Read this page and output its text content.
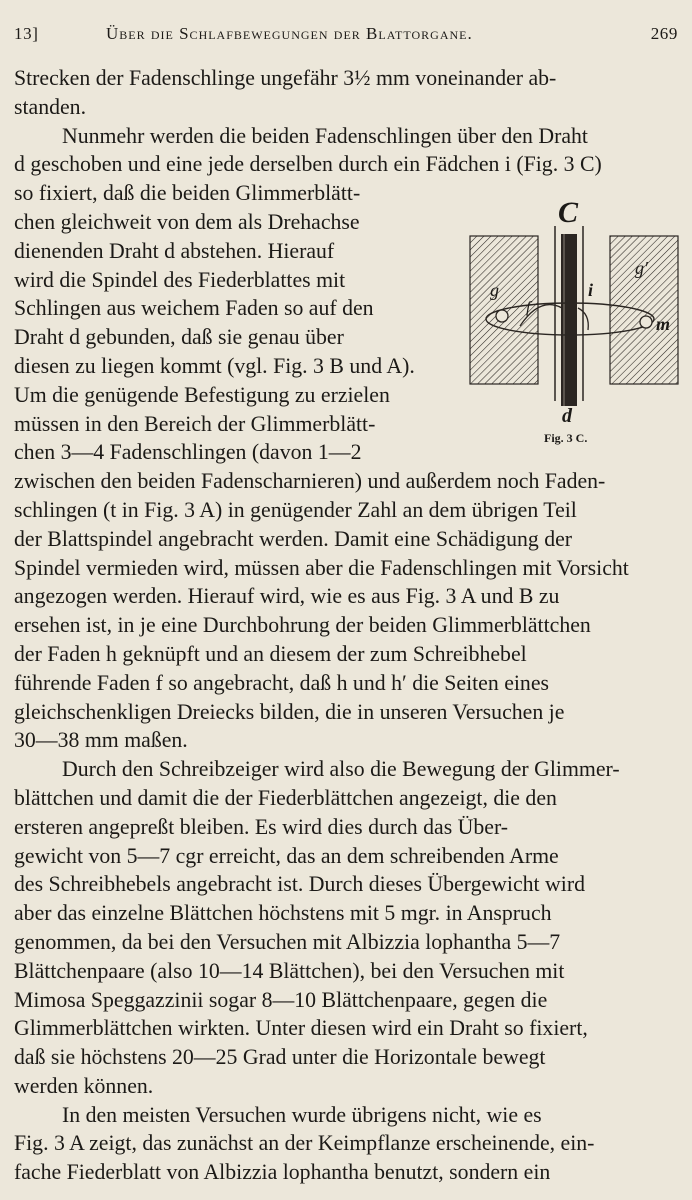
13]	Über die Schlafbewegungen der Blattorgane.	269

Strecken der Fadenschlinge ungefähr 3½ mm voneinander ab-

standen.

Nunmehr werden die beiden Fadenschlingen über den Draht

d geschoben und eine jede derselben durch ein Fädchen i (Fig. 3 C)

so fixiert, daß die beiden Glimmerblätt-

chen gleichweit von dem als Drehachse

dienenden Draht d abstehen. Hierauf

wird die Spindel des Fiederblattes mit

Schlingen aus weichem Faden so auf den

Draht d gebunden, daß sie genau über

diesen zu liegen kommt (vgl. Fig. 3 B und A).

Um die genügende Befestigung zu erzielen

müssen in den Bereich der Glimmerblätt-

chen 3—4 Fadenschlingen (davon 1—2

zwischen den beiden Fadenscharnieren) und außerdem noch Faden-

schlingen (t in Fig. 3 A) in genügender Zahl an dem übrigen Teil

der Blattspindel angebracht werden. Damit eine Schädigung der

Spindel vermieden wird, müssen aber die Fadenschlingen mit Vorsicht

angezogen werden. Hierauf wird, wie es aus Fig. 3 A und B zu

ersehen ist, in je eine Durchbohrung der beiden Glimmerblättchen

der Faden h geknüpft und an diesem der zum Schreibhebel

führende Faden f so angebracht, daß h und h′ die Seiten eines

gleichschenkligen Dreiecks bilden, die in unseren Versuchen je

30—38 mm maßen.

Durch den Schreibzeiger wird also die Bewegung der Glimmer-

blättchen und damit die der Fiederblättchen angezeigt, die den

ersteren angepreßt bleiben. Es wird dies durch das Über-

gewicht von 5—7 cgr erreicht, das an dem schreibenden Arme

des Schreibhebels angebracht ist. Durch dieses Übergewicht wird

aber das einzelne Blättchen höchstens mit 5 mgr. in Anspruch

genommen, da bei den Versuchen mit Albizzia lophantha 5—7

Blättchenpaare (also 10—14 Blättchen), bei den Versuchen mit

Mimosa Speggazzinii sogar 8—10 Blättchenpaare, gegen die

Glimmerblättchen wirkten. Unter diesen wird ein Draht so fixiert,

daß sie höchstens 20—25 Grad unter die Horizontale bewegt

werden können.

In den meisten Versuchen wurde übrigens nicht, wie es

Fig. 3 A zeigt, das zunächst an der Keimpflanze erscheinende, ein-

fache Fiederblatt von Albizzia lophantha benutzt, sondern ein

C
g
g′
i
f
m
d
Fig. 3 C.
